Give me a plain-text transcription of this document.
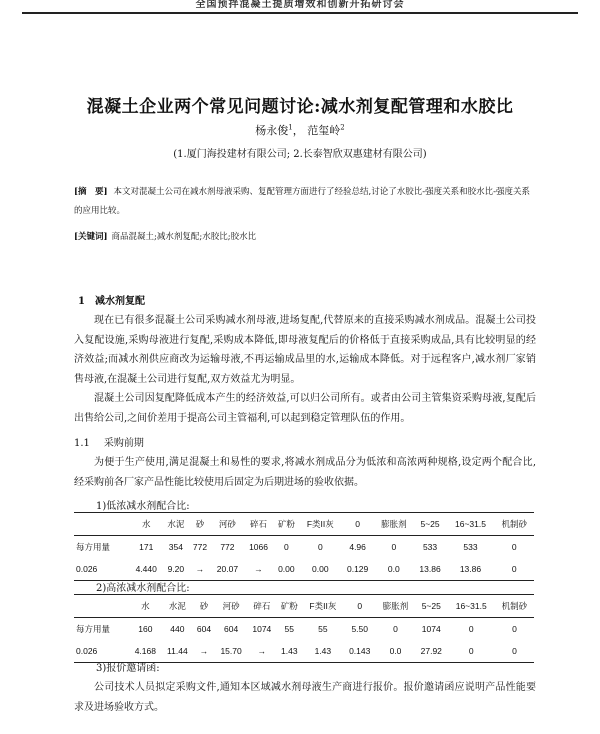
全国预拌混凝土提质增效和创新开拓研讨会
混凝土企业两个常见问题讨论:减水剂复配管理和水胶比
杨永俊$^1$， 范玺岭$^2$
(1.厦门海投建材有限公司; 2.长泰智欣双惠建材有限公司)
[摘　要] 本文对混凝土公司在减水剂母液采购、复配管理方面进行了经验总结,讨论了水胶比-强度关系和胶水比-强度关系的应用比较。
[关键词] 商品混凝土;减水剂复配;水胶比;胶水比
1 减水剂复配
现在已有很多混凝土公司采购减水剂母液,进场复配,代替原来的直接采购减水剂成品。混凝土公司投入复配设施,采购母液进行复配,采购成本降低,即母液复配后的价格低于直接采购成品,具有比较明显的经济效益;而减水剂供应商改为运输母液,不再运输成品里的水,运输成本降低。对于远程客户,减水剂厂家销售母液,在混凝土公司进行复配,双方效益尤为明显。
混凝土公司因复配降低成本产生的经济效益,可以归公司所有。或者由公司主管集资采购母液,复配后出售给公司,之间价差用于提高公司主管福利,可以起到稳定管理队伍的作用。
1.1 采购前期
为便于生产使用,满足混凝土和易性的要求,将减水剂成品分为低浓和高浓两种规格,设定两个配合比,经采购前各厂家产品性能比较使用后固定为后期进场的验收依据。
1)低浓减水剂配合比:
	水	水泥	砂	河砂	碎石	矿粉	F类II灰	0	膨胀剂	5~25	16~31.5	机制砂
每方用量	171	354	772	772	1066	0	0	4.96	0	533	533	0
0.026	4.440	9.20	→	20.07	→	0.00	0.00	0.129	0.0	13.86	13.86	0
2)高浓减水剂配合比:
	水	水泥	砂	河砂	碎石	矿粉	F类II灰	0	膨胀剂	5~25	16~31.5	机制砂
每方用量	160	440	604	604	1074	55	55	5.50	0	1074	0	0
0.026	4.168	11.44	→	15.70	→	1.43	1.43	0.143	0.0	27.92	0	0
3)报价邀请函:
公司技术人员拟定采购文件,通知本区域减水剂母液生产商进行报价。报价邀请函应说明产品性能要求及进场验收方式。
